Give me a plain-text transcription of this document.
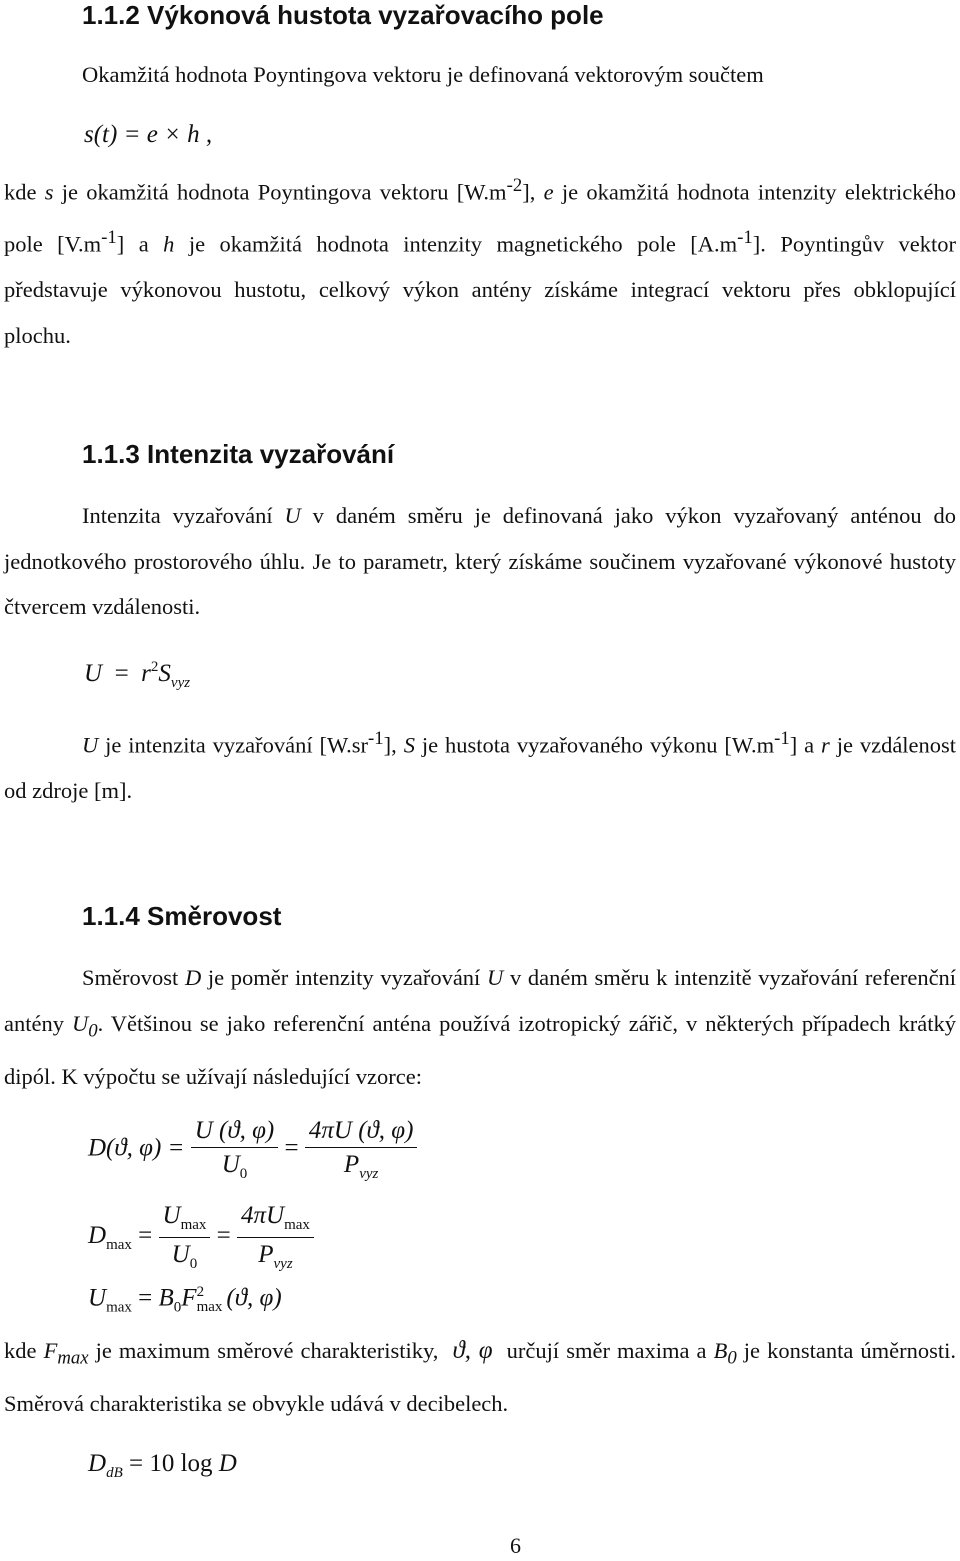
1.1.2 Výkonová hustota vyzařovacího pole

Okamžitá hodnota Poyntingova vektoru je definovaná vektorovým součtem

s(t) = e × h ,

kde s je okamžitá hodnota Poyntingova vektoru $[W.m^{-2}]$, e je okamžitá hodnota intenzity elektrického pole $[V.m^{-1}]$ a h je okamžitá hodnota intenzity magnetického pole $[A.m^{-1}]$. Poyntingův vektor představuje výkonovou hustotu, celkový výkon antény získáme integrací vektoru přes obklopující plochu.

1.1.3 Intenzita vyzařování

Intenzita vyzařování U v daném směru je definovaná jako výkon vyzařovaný anténou do jednotkového prostorového úhlu. Je to parametr, který získáme součinem vyzařované výkonové hustoty čtvercem vzdálenosti.

$U = r^2S_{vyz}$

U je intenzita vyzařování $[W.sr^{-1}]$, S je hustota vyzařovaného výkonu $[W.m^{-1}]$ a r je vzdálenost od zdroje [m].

1.1.4 Směrovost

Směrovost D je poměr intenzity vyzařování U v daném směru k intenzitě vyzařování referenční antény $U_0$. Většinou se jako referenční anténa používá izotropický zářič, v některých případech krátký dipól. K výpočtu se užívají následující vzorce:

D(ϑ, $\varphi) = \frac{U (ϑ, \varphi)}{U_0} = \frac{4\pi U (ϑ, \varphi)}{P_{vyz}}$
$D_{max} = \frac{U_{max}}{U_0} = \frac{4\pi U_{max}}{P_{vyz}}$
$U_{max} = B_0F$ 2
max (ϑ, φ)

kde $F_{max}$ je maximum směrové charakteristiky, ϑ, φ určují směr maxima a $B_0$ je konstanta úměrnosti. Směrová charakteristika se obvykle udává v decibelech.

$D_{dB} = 10$ log D
6
